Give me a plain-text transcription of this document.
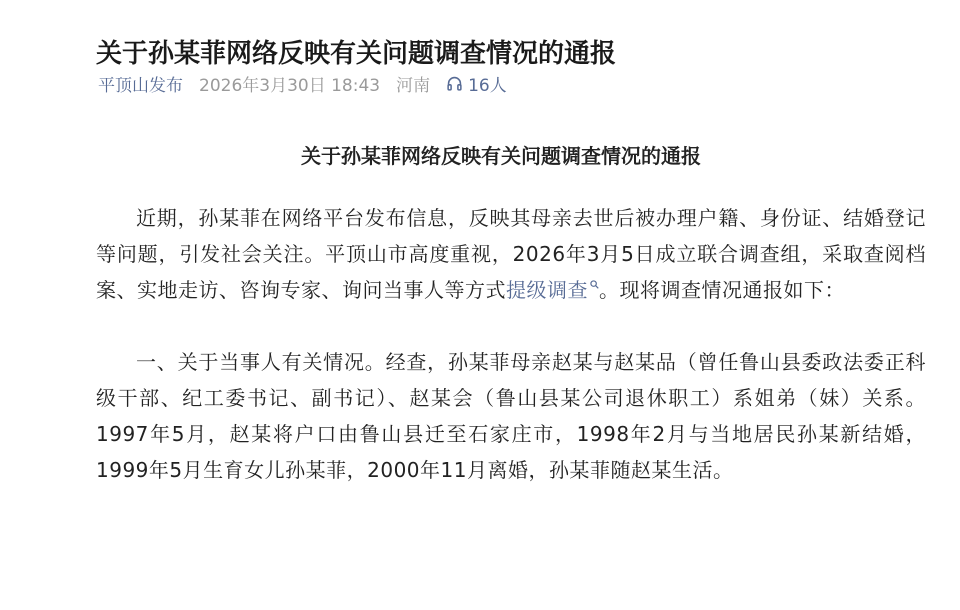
关于孙某菲网络反映有关问题调查情况的通报
平顶山发布 2026年3月30日 18:43 河南 16人
关于孙某菲网络反映有关问题调查情况的通报

近期，孙某菲在网络平台发布信息，反映其母亲去世后被办理户籍、身份证、结婚登记等问题，引发社会关注。平顶山市高度重视，2026年3月5日成立联合调查组，采取查阅档案、实地走访、咨询专家、询问当事人等方式提级调查 。现将调查情况通报如下：

一、关于当事人有关情况。经查，孙某菲母亲赵某与赵某品（曾任鲁山县委政法委正科级干部、纪工委书记、副书记）、赵某会（鲁山县某公司退休职工）系姐弟（妹）关系。1997年5月，赵某将户口由鲁山县迁至石家庄市，1998年2月与当地居民孙某新结婚，1999年5月生育女儿孙某菲，2000年11月离婚，孙某菲随赵某生活。
